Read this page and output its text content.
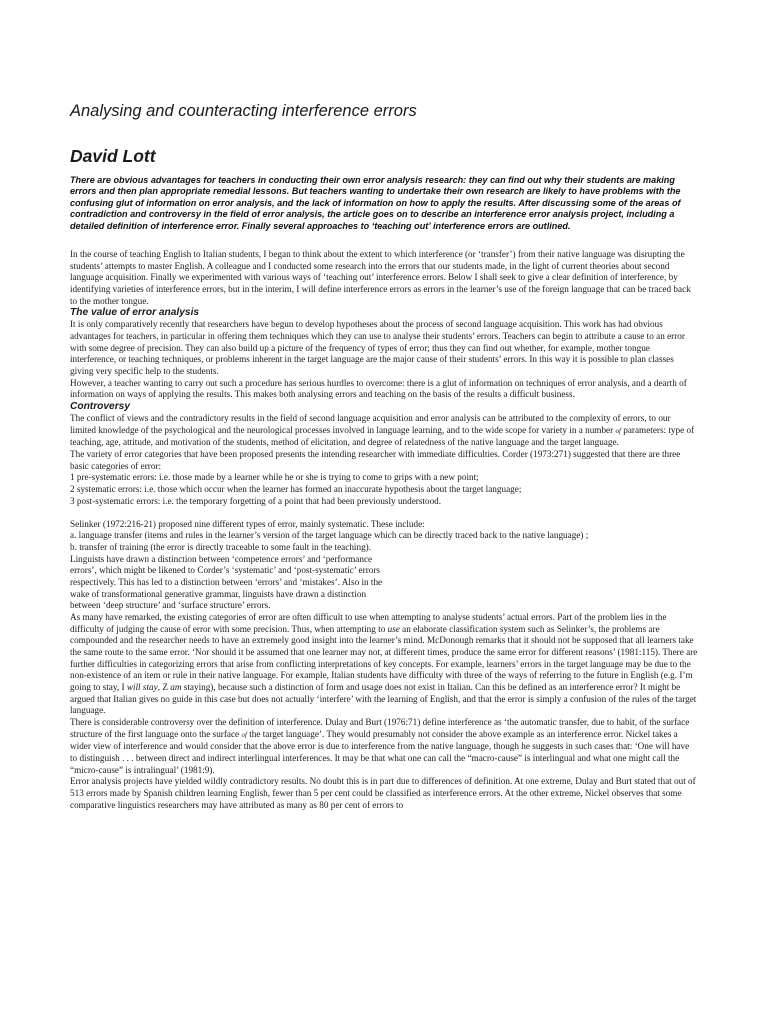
Analysing and counteracting interference errors
David Lott

There are obvious advantages for teachers in conducting their own error analysis research: they can find out why their students are making errors and then plan appropriate remedial lessons. But teachers wanting to undertake their own research are likely to have problems with the confusing glut of information on error analysis, and the lack of information on how to apply the results. After discussing some of the areas of contradiction and controversy in the field of error analysis, the article goes on to describe an interference error analysis project, including a detailed definition of interference error. Finally several approaches to ‘teaching out’ interference errors are outlined.

In the course of teaching English to Italian students, I began to think about the extent to which interference (or ‘transfer’) from their native language was disrupting the students’ attempts to master English. A colleague and I conducted some research into the errors that our students made, in the light of current theories about second language acquisition. Finally we experimented with various ways of ‘teaching out’ interference errors. Below I shall seek to give a clear definition of interference, by identifying varieties of interference errors, but in the interim, I will define interference errors as errors in the learner’s use of the foreign language that can be traced back to the mother tongue.

The value of error analysis

It is only comparatively recently that researchers have begun to develop hypotheses about the process of second language acquisition. This work has had obvious advantages for teachers, in particular in offering them techniques which they can use to analyse their students’ errors. Teachers can begin to attribute a cause to an error with some degree of precision. They can also build up a picture of the frequency of types of error; thus they can find out whether, for example, mother tongue interference, or teaching techniques, or problems inherent in the target language are the major cause of their students’ errors. In this way it is possible to plan classes giving very specific help to the students.

However, a teacher wanting to carry out such a procedure has serious hurdles to overcome: there is a glut of information on techniques of error analysis, and a dearth of information on ways of applying the results. This makes both analysing errors and teaching on the basis of the results a difficult business.

Controversy

The conflict of views and the contradictory results in the field of second language acquisition and error analysis can be attributed to the complexity of errors, to our limited knowledge of the psychological and the neurological processes involved in language learning, and to the wide scope for variety in a number of parameters: type of teaching, age, attitude, and motivation of the students, method of elicitation, and degree of relatedness of the native language and the target language.

The variety of error categories that have been proposed presents the intending researcher with immediate difficulties. Corder (1973:271) suggested that there are three basic categories of error:

1 pre-systematic errors: i.e. those made by a learner while he or she is trying to come to grips with a new point;

2 systematic errors: i.e. those which occur when the learner has formed an inaccurate hypothesis about the target language;

3 post-systematic errors: i.e. the temporary forgetting of a point that had been previously understood.

Selinker (1972:216-21) proposed nine different types of error, mainly systematic. These include:

a. language transfer (items and rules in the learner’s version of the target language which can be directly traced back to the native language) ;

b. transfer of training (the error is directly traceable to some fault in the teaching).

Linguists have drawn a distinction between ‘competence errors’ and ‘performance errors’, which might be likened to Corder’s ‘systematic’ and ‘post-systematic’ errors respectively. This has led to a distinction between ‘errors’ and ‘mistakes’. Also in the wake of transformational generative grammar, linguists have drawn a distinction between ‘deep structure’ and ‘surface structure’ errors.

As many have remarked, the existing categories of error are often difficult to use when attempting to analyse students’ actual errors. Part of the problem lies in the difficulty of judging the cause of error with some precision. Thus, when attempting to use an elaborate classification system such as Selinker’s, the problems are compounded and the researcher needs to have an extremely good insight into the learner’s mind. McDonough remarks that it should not be supposed that all learners take the same route to the same error. ‘Nor should it be assumed that one learner may not, at different times, produce the same error for different reasons’ (1981:115). There are further difficulties in categorizing errors that arise from conflicting interpretations of key concepts. For example, learners’ errors in the target language may be due to the non-existence of an item or rule in their native language. For example, Italian students have difficulty with three of the ways of referring to the future in English (e.g. I’m going to stay, I will stay, Z am staying), because such a distinction of form and usage does not exist in Italian. Can this be defined as an interference error? It might be argued that Italian gives no guide in this case but does not actually ‘interfere’ with the learning of English, and that the error is simply a confusion of the rules of the target language.

There is considerable controversy over the definition of interference. Dulay and Burt (1976:71) define interference as ‘the automatic transfer, due to habit, of the surface structure of the first language onto the surface of the target language’. They would presumably not consider the above example as an interference error. Nickel takes a wider view of interference and would consider that the above error is due to interference from the native language, though he suggests in such cases that: ‘One will have to distinguish . . . between direct and indirect interlingual interferences. It may be that what one can call the “macro-cause” is interlingual and what one might call the “micro-cause” is intralingual’ (1981:9).

Error analysis projects have yielded wildly contradictory results. No doubt this is in part due to differences of definition. At one extreme, Dulay and Burt stated that out of 513 errors made by Spanish children learning English, fewer than 5 per cent could be classified as interference errors. At the other extreme, Nickel observes that some comparative linguistics researchers may have attributed as many as 80 per cent of errors to
